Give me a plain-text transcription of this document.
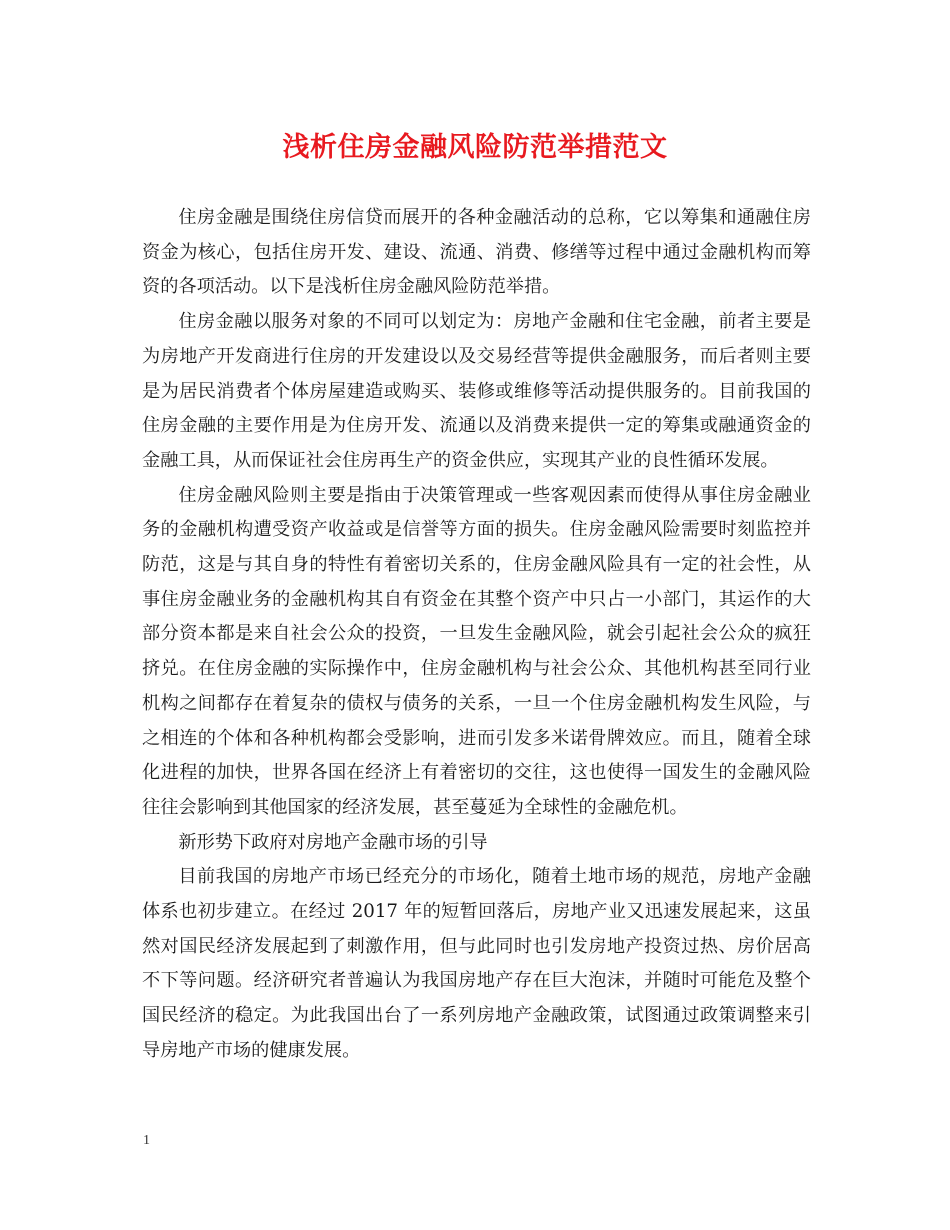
浅析住房金融风险防范举措范文

住房金融是围绕住房信贷而展开的各种金融活动的总称，它以筹集和通融住房资金为核心，包括住房开发、建设、流通、消费、修缮等过程中通过金融机构而筹资的各项活动。以下是浅析住房金融风险防范举措。

住房金融以服务对象的不同可以划定为：房地产金融和住宅金融，前者主要是为房地产开发商进行住房的开发建设以及交易经营等提供金融服务，而后者则主要是为居民消费者个体房屋建造或购买、装修或维修等活动提供服务的。目前我国的住房金融的主要作用是为住房开发、流通以及消费来提供一定的筹集或融通资金的金融工具，从而保证社会住房再生产的资金供应，实现其产业的良性循环发展。

住房金融风险则主要是指由于决策管理或一些客观因素而使得从事住房金融业务的金融机构遭受资产收益或是信誉等方面的损失。住房金融风险需要时刻监控并防范，这是与其自身的特性有着密切关系的，住房金融风险具有一定的社会性，从事住房金融业务的金融机构其自有资金在其整个资产中只占一小部门，其运作的大部分资本都是来自社会公众的投资，一旦发生金融风险，就会引起社会公众的疯狂挤兑。在住房金融的实际操作中，住房金融机构与社会公众、其他机构甚至同行业机构之间都存在着复杂的债权与债务的关系，一旦一个住房金融机构发生风险，与之相连的个体和各种机构都会受影响，进而引发多米诺骨牌效应。而且，随着全球化进程的加快，世界各国在经济上有着密切的交往，这也使得一国发生的金融风险往往会影响到其他国家的经济发展，甚至蔓延为全球性的金融危机。

新形势下政府对房地产金融市场的引导

目前我国的房地产市场已经充分的市场化，随着土地市场的规范，房地产金融体系也初步建立。在经过 2017 年的短暂回落后，房地产业又迅速发展起来，这虽然对国民经济发展起到了刺激作用，但与此同时也引发房地产投资过热、房价居高不下等问题。经济研究者普遍认为我国房地产存在巨大泡沫，并随时可能危及整个国民经济的稳定。为此我国出台了一系列房地产金融政策，试图通过政策调整来引导房地产市场的健康发展。

1
